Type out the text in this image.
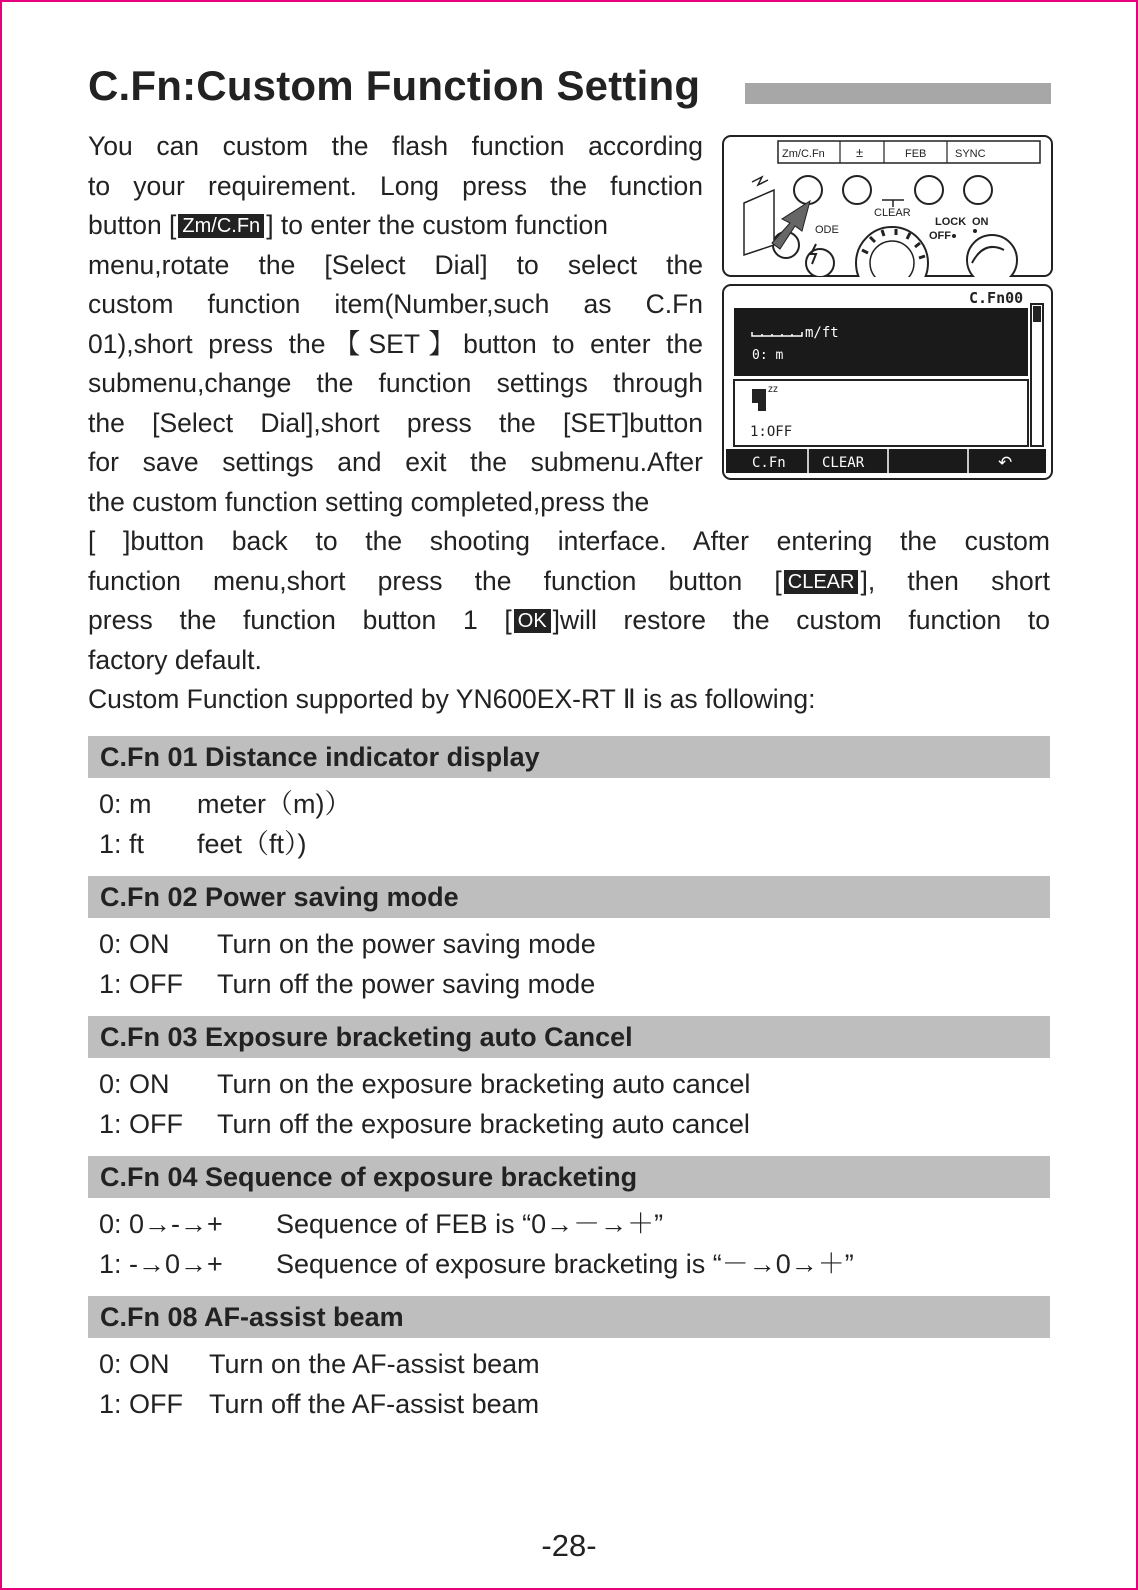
C.Fn:Custom Function Setting
You can custom the flash function according
to your requirement. Long press the function
button [ Zm/C.Fn ] to enter the custom function
menu,rotate the [Select Dial] to select the
custom function item(Number,such as C.Fn
01),short press the【SET】button to enter the
submenu,change the function settings through
the [Select Dial],short press the [SET]button
for save settings and exit the submenu.After
the custom function setting completed,press the
[ ]button back to the shooting interface. After entering the custom
function menu,short press the function button [ CLEAR ], then short
press the function button 1 [ OK ]will restore the custom function to
factory default.
Custom Function supported by YN600EX-RT Ⅱ is as following:
Zm/C.Fn ±	FEB	SYNC
CLEAR
ODE
LOCK ON
OFF
C.Fn00
m/ft
0: m
zz
1:OFF
C.Fn	CLEAR	↶
C.Fn 01 Distance indicator display
0: m meter（m)）
1: ft feet（ft）)
C.Fn 02 Power saving mode
0: ON Turn on the power saving mode
1: OFF Turn off the power saving mode
C.Fn 03 Exposure bracketing auto Cancel
0: ON Turn on the exposure bracketing auto cancel
1: OFF Turn off the exposure bracketing auto cancel
C.Fn 04 Sequence of exposure bracketing
0: 0→-→+ Sequence of FEB is “0→－→＋”
1: -→0→+ Sequence of exposure bracketing is “－→0→＋”
C.Fn 08 AF-assist beam
0: ON Turn on the AF-assist beam
1: OFF Turn off the AF-assist beam
-28-
